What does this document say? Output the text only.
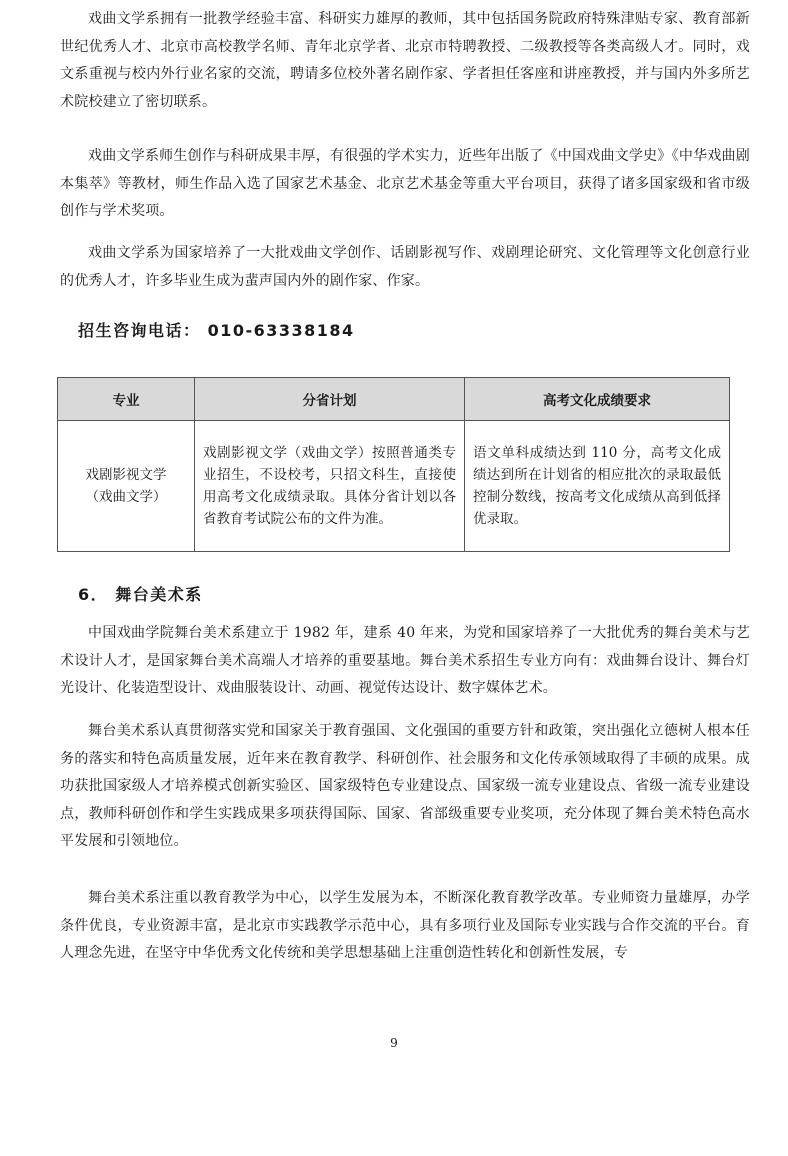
戏曲文学系拥有一批教学经验丰富、科研实力雄厚的教师，其中包括国务院政府特殊津贴专家、教育部新世纪优秀人才、北京市高校教学名师、青年北京学者、北京市特聘教授、二级教授等各类高级人才。同时，戏文系重视与校内外行业名家的交流，聘请多位校外著名剧作家、学者担任客座和讲座教授，并与国内外多所艺术院校建立了密切联系。

戏曲文学系师生创作与科研成果丰厚，有很强的学术实力，近些年出版了《中国戏曲文学史》《中华戏曲剧本集萃》等教材，师生作品入选了国家艺术基金、北京艺术基金等重大平台项目，获得了诸多国家级和省市级创作与学术奖项。

戏曲文学系为国家培养了一大批戏曲文学创作、话剧影视写作、戏剧理论研究、文化管理等文化创意行业的优秀人才，许多毕业生成为蜚声国内外的剧作家、作家。

招生咨询电话： 010-63338184
专业	分省计划	高考文化成绩要求

戏剧影视文学
（戏曲文学）	戏剧影视文学（戏曲文学）按照普通类专业招生，不设校考，只招文科生，直接使用高考文化成绩录取。具体分省计划以各省教育考试院公布的文件为准。	语文单科成绩达到 110 分，高考文化成绩达到所在计划省的相应批次的录取最低控制分数线，按高考文化成绩从高到低择优录取。
6． 舞台美术系

中国戏曲学院舞台美术系建立于 1982 年，建系 40 年来，为党和国家培养了一大批优秀的舞台美术与艺术设计人才，是国家舞台美术高端人才培养的重要基地。舞台美术系招生专业方向有：戏曲舞台设计、舞台灯光设计、化装造型设计、戏曲服装设计、动画、视觉传达设计、数字媒体艺术。

舞台美术系认真贯彻落实党和国家关于教育强国、文化强国的重要方针和政策，突出强化立德树人根本任务的落实和特色高质量发展，近年来在教育教学、科研创作、社会服务和文化传承领域取得了丰硕的成果。成功获批国家级人才培养模式创新实验区、国家级特色专业建设点、国家级一流专业建设点、省级一流专业建设点，教师科研创作和学生实践成果多项获得国际、国家、省部级重要专业奖项，充分体现了舞台美术特色高水平发展和引领地位。

舞台美术系注重以教育教学为中心，以学生发展为本，不断深化教育教学改革。专业师资力量雄厚，办学条件优良，专业资源丰富，是北京市实践教学示范中心，具有多项行业及国际专业实践与合作交流的平台。育人理念先进，在坚守中华优秀文化传统和美学思想基础上注重创造性转化和创新性发展，专

9
